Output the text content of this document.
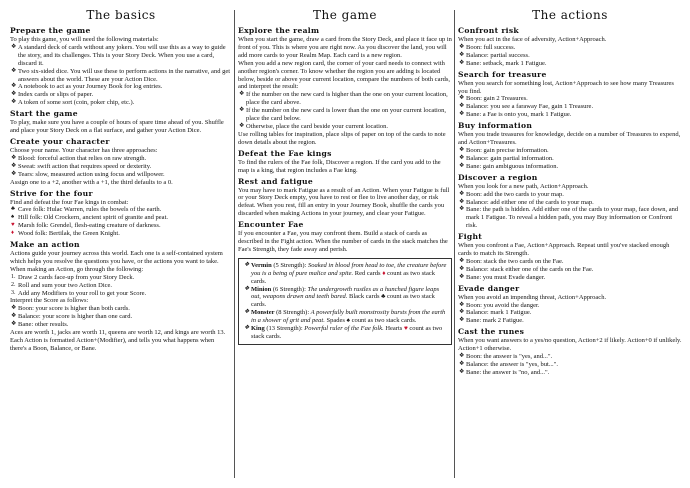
The basics
Prepare the game

To play this game, you will need the following materials:

❖ A standard deck of cards without any jokers. You will use this as a way to guide the story, and its challenges. This is your Story Deck. When you use a card, discard it.
❖ Two six-sided dice. You will use these to perform actions in the narrative, and get answers about the world. These are your Action Dice.
❖ A notebook to act as your Journey Book for log entries.
❖ Index cards or slips of paper.
❖ A token of some sort (coin, poker chip, etc.).
Start the game

To play, make sure you have a couple of hours of spare time ahead of you. Shuffle and place your Story Deck on a flat surface, and gather your Action Dice.

Create your character

Choose your name. Your character has three approaches:

❖ Blood: forceful action that relies on raw strength.
❖ Sweat: swift action that requires speed or dexterity.
❖ Tears: slow, measured action using focus and willpower.

Assign one to a +2, another with a +1, the third defaults to a 0.

Strive for the four

Find and defeat the four Fae kings in combat:

♣ Cave folk: Hulac Warren, rules the bowels of the earth.
♠ Hill folk: Old Crockern, ancient spirit of granite and peat.
♥ Marsh folk: Grendel, flesh-eating creature of darkness.
♦ Wood folk: Bertilak, the Green Knight.
Make an action

Actions guide your journey across this world. Each one is a self-contained system which helps you resolve the questions you have, or the actions you want to take. When making an Action, go through the following:

1. Draw 2 cards face-up from your Story Deck.
2. Roll and sum your two Action Dice.
3. Add any Modifiers to your roll to get your Score.

Interpret the Score as follows:

❖ Boon: your score is higher than both cards.
❖ Balance: your score is higher than one card.
❖ Bane: other results.

Aces are worth 1, jacks are worth 11, queens are worth 12, and kings are worth 13. Each Action is formatted Action+(Modifier), and tells you what happens when there's a Boon, Balance, or Bane.

The game
Explore the realm

When you start the game, draw a card from the Story Deck, and place it face up in front of you. This is where you are right now. As you discover the land, you will add more cards to your Realm Map. Each card is a new region.

When you add a new region card, the corner of your card needs to connect with another region's corner. To know whether the region you are adding is located below, beside or above your current location, compare the numbers of both cards, and interpret the result:

❖ If the number on the new card is higher than the one on your current location, place the card above.
❖ If the number on the new card is lower than the one on your current location, place the card below.
❖ Otherwise, place the card beside your current location.

Use rolling tables for inspiration, place slips of paper on top of the cards to note down details about the region.

Defeat the Fae kings

To find the rulers of the Fae folk, Discover a region. If the card you add to the map is a king, that region includes a Fae king.

Rest and fatigue

You may have to mark Fatigue as a result of an Action. When your Fatigue is full or your Story Deck empty, you have to rest or flee to live another day, or risk defeat. When you rest, fill an entry in your Journey Book, shuffle the cards you discarded when making Actions in your journey, and clear your Fatigue.

Encounter Fae

If you encounter a Fae, you may confront them. Build a stack of cards as described in the Fight action. When the number of cards in the stack matches the Fae's Strength, they fade away and perish.

❖ Vermin (5 Strength): Soaked in blood from head to toe, the creature before you is a being of pure malice and spite. Red cards ♦ count as two stack cards.
❖ Minion (6 Strength): The undergrowth rustles as a hunched figure leaps out, weapons drawn and teeth bared. Black cards ♣ count as two stack cards.
❖ Monster (8 Strength): A powerfully built monstrosity bursts from the earth in a shower of grit and peat. Spades ♠ count as two stack cards.
❖ King (13 Strength): Powerful ruler of the Fae folk. Hearts ♥ count as two stack cards.
The actions
Confront risk

When you act in the face of adversity, Action+Approach.

❖ Boon: full success.
❖ Balance: partial success.
❖ Bane: setback, mark 1 Fatigue.
Search for treasure

When you search for something lost, Action+Approach to see how many Treasures you find.

❖ Boon: gain 2 Treasures.
❖ Balance: you see a faraway Fae, gain 1 Treasure.
❖ Bane: a Fae is onto you, mark 1 Fatigue.
Buy information

When you trade treasures for knowledge, decide on a number of Treasures to expend, and Action+Treasures.

❖ Boon: gain precise information.
❖ Balance: gain partial information.
❖ Bane: gain ambiguous information.
Discover a region

When you look for a new path, Action+Approach.

❖ Boon: add the two cards to your map.
❖ Balance: add either one of the cards to your map.
❖ Bane: the path is hidden. Add either one of the cards to your map, face down, and mark 1 Fatigue. To reveal a hidden path, you may Buy information or Confront risk.
Fight

When you confront a Fae, Action+Approach. Repeat until you've stacked enough cards to match its Strength.

❖ Boon: stack the two cards on the Fae.
❖ Balance: stack either one of the cards on the Fae.
❖ Bane: you must Evade danger.
Evade danger

When you avoid an impending threat, Action+Approach.

❖ Boon: you avoid the danger.
❖ Balance: mark 1 Fatigue.
❖ Bane: mark 2 Fatigue.
Cast the runes

When you want answers to a yes/no question, Action+2 if likely. Action+0 if unlikely. Action+1 otherwise.

❖ Boon: the answer is "yes, and...".
❖ Balance: the answer is "yes, but...".
❖ Bane: the answer is "no, and...".
